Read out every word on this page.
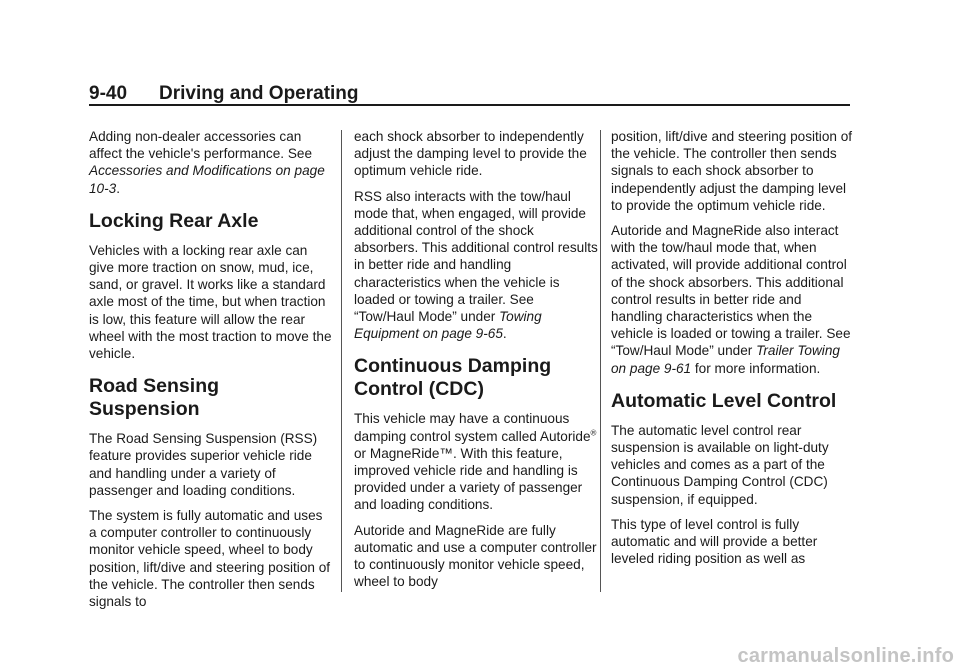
9-40 Driving and Operating

Adding non-dealer accessories can affect the vehicle's performance. See Accessories and Modifications on page 10-3.

Locking Rear Axle

Vehicles with a locking rear axle can give more traction on snow, mud, ice, sand, or gravel. It works like a standard axle most of the time, but when traction is low, this feature will allow the rear wheel with the most traction to move the vehicle.

Road Sensing Suspension

The Road Sensing Suspension (RSS) feature provides superior vehicle ride and handling under a variety of passenger and loading conditions.

The system is fully automatic and uses a computer controller to continuously monitor vehicle speed, wheel to body position, lift/dive and steering position of the vehicle. The controller then sends signals to

each shock absorber to independently adjust the damping level to provide the optimum vehicle ride.

RSS also interacts with the tow/haul mode that, when engaged, will provide additional control of the shock absorbers. This additional control results in better ride and handling characteristics when the vehicle is loaded or towing a trailer. See “Tow/Haul Mode” under Towing Equipment on page 9-65.

Continuous Damping Control (CDC)

This vehicle may have a continuous damping control system called Autoride® or MagneRide™. With this feature, improved vehicle ride and handling is provided under a variety of passenger and loading conditions.

Autoride and MagneRide are fully automatic and use a computer controller to continuously monitor vehicle speed, wheel to body

position, lift/dive and steering position of the vehicle. The controller then sends signals to each shock absorber to independently adjust the damping level to provide the optimum vehicle ride.

Autoride and MagneRide also interact with the tow/haul mode that, when activated, will provide additional control of the shock absorbers. This additional control results in better ride and handling characteristics when the vehicle is loaded or towing a trailer. See “Tow/Haul Mode” under Trailer Towing on page 9-61 for more information.

Automatic Level Control

The automatic level control rear suspension is available on light-duty vehicles and comes as a part of the Continuous Damping Control (CDC) suspension, if equipped.

This type of level control is fully automatic and will provide a better leveled riding position as well as

carmanualsonline.info
